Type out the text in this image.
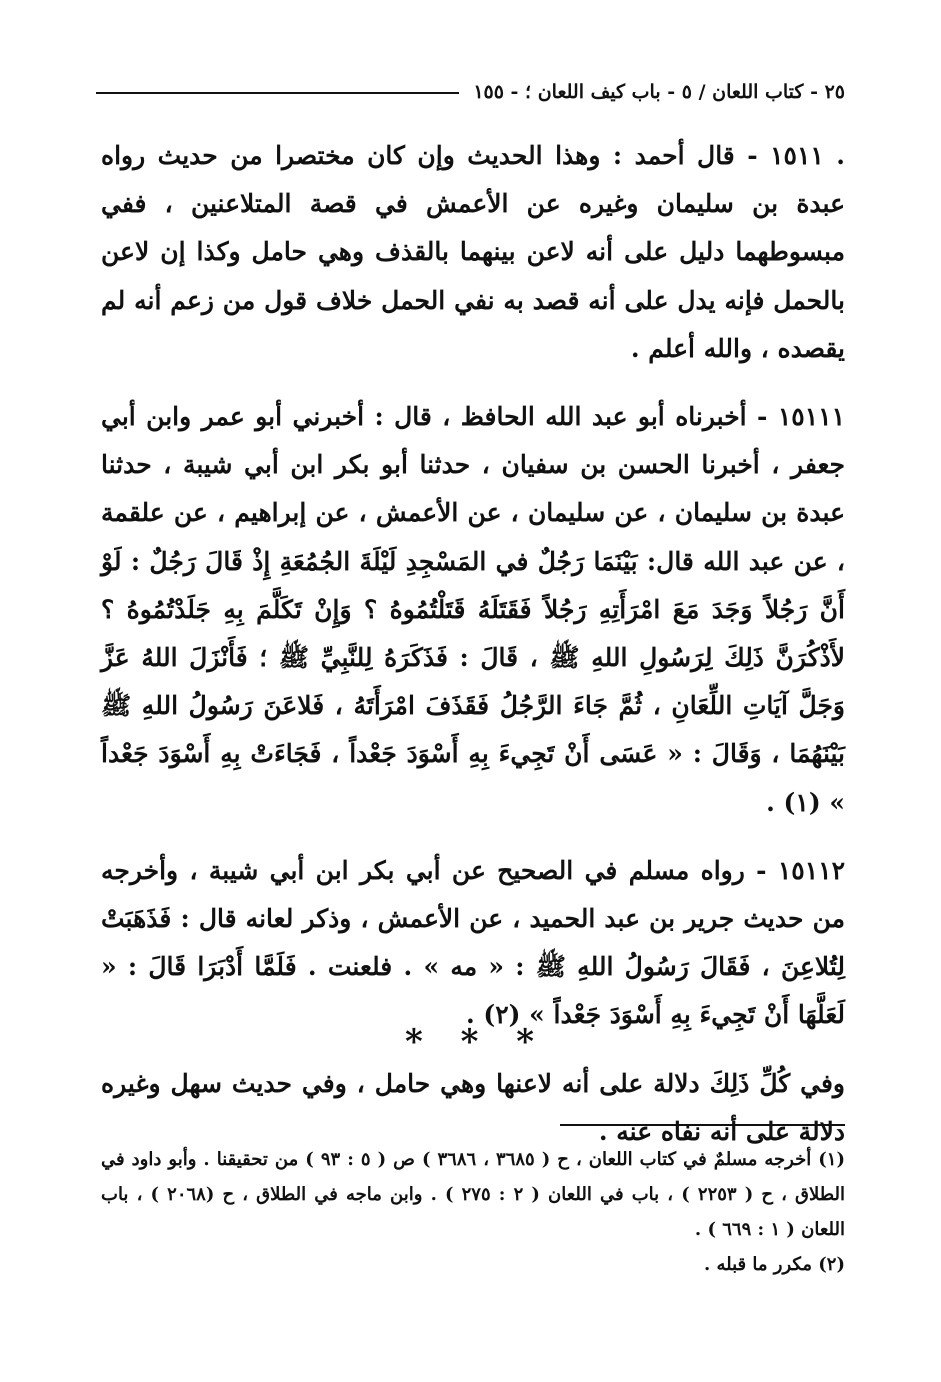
٢٥ - كتاب اللعان / ٥ - باب كيف اللعان ؛ - ١٥٥

. ١٥١١ - قال أحمد : وهذا الحديث وإن كان مختصرا من حديث رواه عبدة بن سليمان وغيره عن الأعمش في قصة المتلاعنين ، ففي مبسوطهما دليل على أنه لاعن بينهما بالقذف وهي حامل وكذا إن لاعن بالحمل فإنه يدل على أنه قصد به نفي الحمل خلاف قول من زعم أنه لم يقصده ، والله أعلم .

١٥١١١ - أخبرناه أبو عبد الله الحافظ ، قال : أخبرني أبو عمر وابن أبي جعفر ، أخبرنا الحسن بن سفيان ، حدثنا أبو بكر ابن أبي شيبة ، حدثنا عبدة بن سليمان ، عن سليمان ، عن الأعمش ، عن إبراهيم ، عن علقمة ، عن عبد الله قال: بَيْنَمَا رَجُلٌ في المَسْجِدِ لَيْلَةَ الجُمُعَةِ إِذْ قَالَ رَجُلٌ : لَوْ أَنَّ رَجُلاً وَجَدَ مَعَ امْرَأَتِهِ رَجُلاً فَقَتَلَهُ قَتَلْتُمُوهُ ؟ وَإِنْ تَكَلَّمَ بِهِ جَلَدْتُمُوهُ ؟ لأَذْكُرَنَّ ذَلِكَ لِرَسُولِ اللهِ ﷺ ، قَالَ : فَذَكَرَهُ لِلنَّبِيِّ ﷺ ؛ فَأَنْزَلَ اللهُ عَزَّ وَجَلَّ آيَاتِ اللِّعَانِ ، ثُمَّ جَاءَ الرَّجُلُ فَقَذَفَ امْرَأَتَهُ ، فَلاعَنَ رَسُولُ اللهِ ﷺ بَيْنَهُمَا ، وَقَالَ : « عَسَى أَنْ تَجِيءَ بِهِ أَسْوَدَ جَعْداً ، فَجَاءَتْ بِهِ أَسْوَدَ جَعْداً » (١) .

١٥١١٢ - رواه مسلم في الصحيح عن أبي بكر ابن أبي شيبة ، وأخرجه من حديث جرير بن عبد الحميد ، عن الأعمش ، وذكر لعانه قال : فَذَهَبَتْ لِتُلاعِنَ ، فَقَالَ رَسُولُ اللهِ ﷺ : « مه » . فلعنت . فَلَمَّا أَدْبَرَا قَالَ : « لَعَلَّهَا أَنْ تَجِيءَ بِهِ أَسْوَدَ جَعْداً » (٢) .

وفي كُلِّ ذَلِكَ دلالة على أنه لاعنها وهي حامل ، وفي حديث سهل وغيره دلالة على أنه نفاه عنه .

* * *

(١) أخرجه مسلمٌ في كتاب اللعان ، ح ( ٣٦٨٥ ، ٣٦٨٦ ) ص ( ٥ : ٩٣ ) من تحقيقنا . وأبو داود في الطلاق ، ح ( ٢٢٥٣ ) ، باب في اللعان ( ٢ : ٢٧٥ ) . وابن ماجه في الطلاق ، ح (٢٠٦٨ ) ، باب اللعان ( ١ : ٦٦٩ ) .

(٢) مكرر ما قبله .
